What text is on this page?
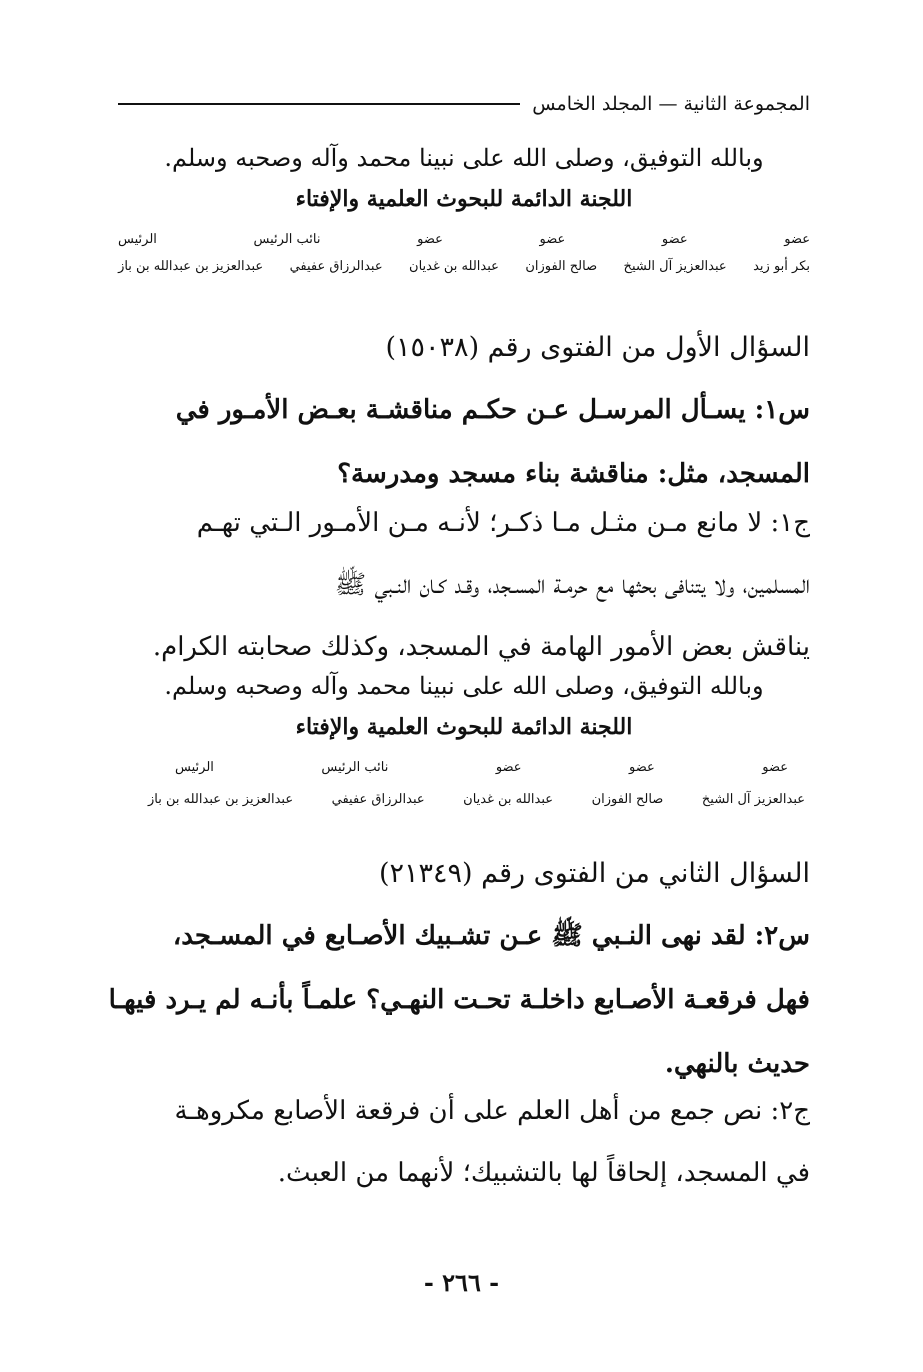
المجموعة الثانية — المجلد الخامس
وبالله التوفيق، وصلى الله على نبينا محمد وآله وصحبه وسلم.
اللجنة الدائمة للبحوث العلمية والإفتاء
عضو
عضو
عضو
عضو
نائب الرئيس
الرئيس
بكر أبو زيد
عبدالعزيز آل الشيخ
صالح الفوزان
عبدالله بن غديان
عبدالرزاق عفيفي
عبدالعزيز بن عبدالله بن باز
السؤال الأول من الفتوى رقم (١٥٠٣٨)
س١: يسـأل المرسـل عـن حكـم مناقشـة بعـض الأمـور في
المسجد، مثل: مناقشة بناء مسجد ومدرسة؟
ج١: لا مانع مـن مثـل مـا ذكـر؛ لأنـه مـن الأمـور الـتي تهـم
المسلمين، ولا يتنافى بحثها مع حرمـة المسـجد، وقـد كـان النـبي ﷺ
يناقش بعض الأمور الهامة في المسجد، وكذلك صحابته الكرام.
وبالله التوفيق، وصلى الله على نبينا محمد وآله وصحبه وسلم.
اللجنة الدائمة للبحوث العلمية والإفتاء
عضو
عضو
عضو
نائب الرئيس
الرئيس
عبدالعزيز آل الشيخ
صالح الفوزان
عبدالله بن غديان
عبدالرزاق عفيفي
عبدالعزيز بن عبدالله بن باز
السؤال الثاني من الفتوى رقم (٢١٣٤٩)
س٢: لقد نهى النـبي ﷺ عـن تشـبيك الأصـابع في المسـجد،
فهل فرقعـة الأصـابع داخلـة تحـت النهـي؟ علمـاً بأنـه لم يـرد فيهـا
حديث بالنهي.
ج٢: نص جمع من أهل العلم على أن فرقعة الأصابع مكروهـة
في المسجد، إلحاقاً لها بالتشبيك؛ لأنهما من العبث.
- ٢٦٦ -
